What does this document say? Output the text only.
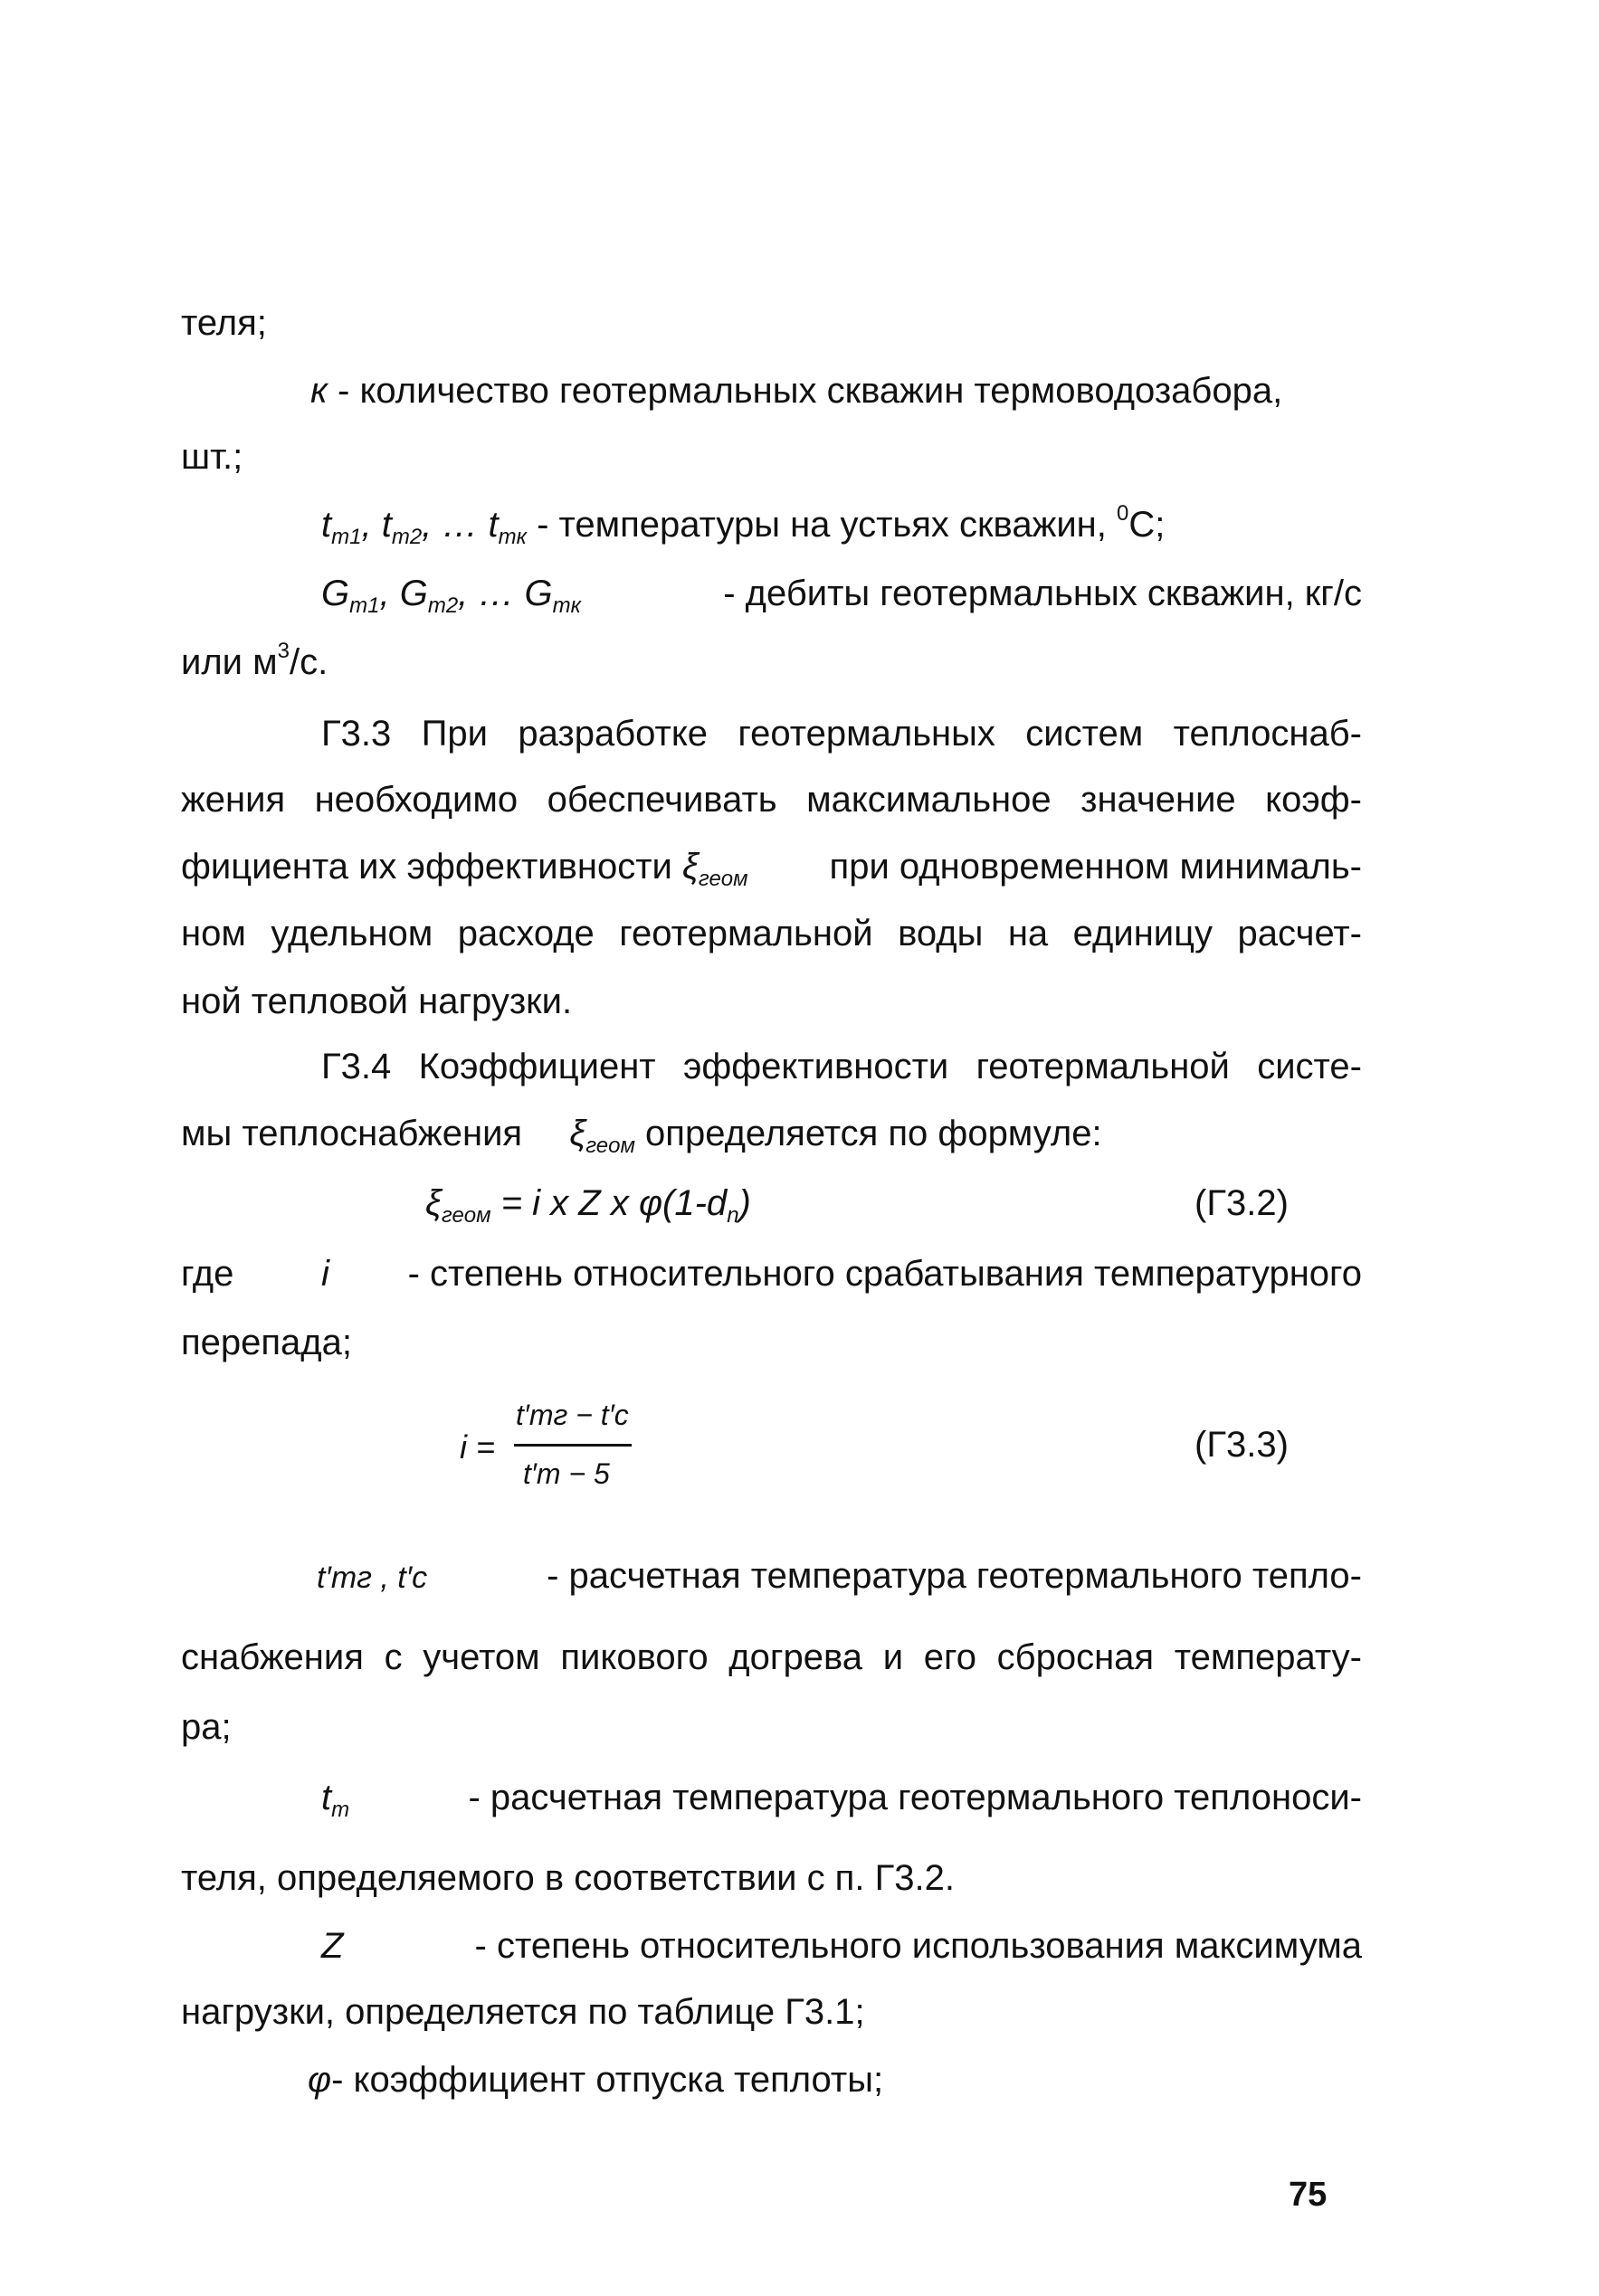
теля;
к - количество геотермальных скважин термоводозабора,
шт.;
$t_{m1}$, $t_{m2}$, … $t_{mк}$ - температуры на устьях скважин, $^0$С;
$G_{m1}$, $G_{m2}$, … $G_{mк}$	- дебиты геотермальных скважин, кг/с
или $м^3/с$.
Г3.3 При разработке геотермальных систем теплоснаб-
жения необходимо обеспечивать максимальное значение коэф-
фициента их эффективности $\xi_{геом}$ при одновременном минималь-
ном удельном расходе геотермальной воды на единицу расчет-
ной тепловой нагрузки.
Г3.4 Коэффициент эффективности геотермальной систе-
мы теплоснабжения $\xi_{геом}$ определяется по формуле:
$\xi_{геом} = i$ x Z x $\varphi(1-d_n)$	(Г3.2)
где i - степень относительного срабатывания температурного
перепада;
i =
t′mг − t′c
t′m − 5
(Г3.3)
t′mг , t′c	- расчетная температура геотермального тепло-
снабжения с учетом пикового догрева и его сбросная температу-
ра;
$t_m$	- расчетная температура геотермального теплоноси-
теля, определяемого в соответствии с п. Г3.2.
Z	- степень относительного использования максимума
нагрузки, определяется по таблице Г3.1;
φ- коэффициент отпуска теплоты;
75
